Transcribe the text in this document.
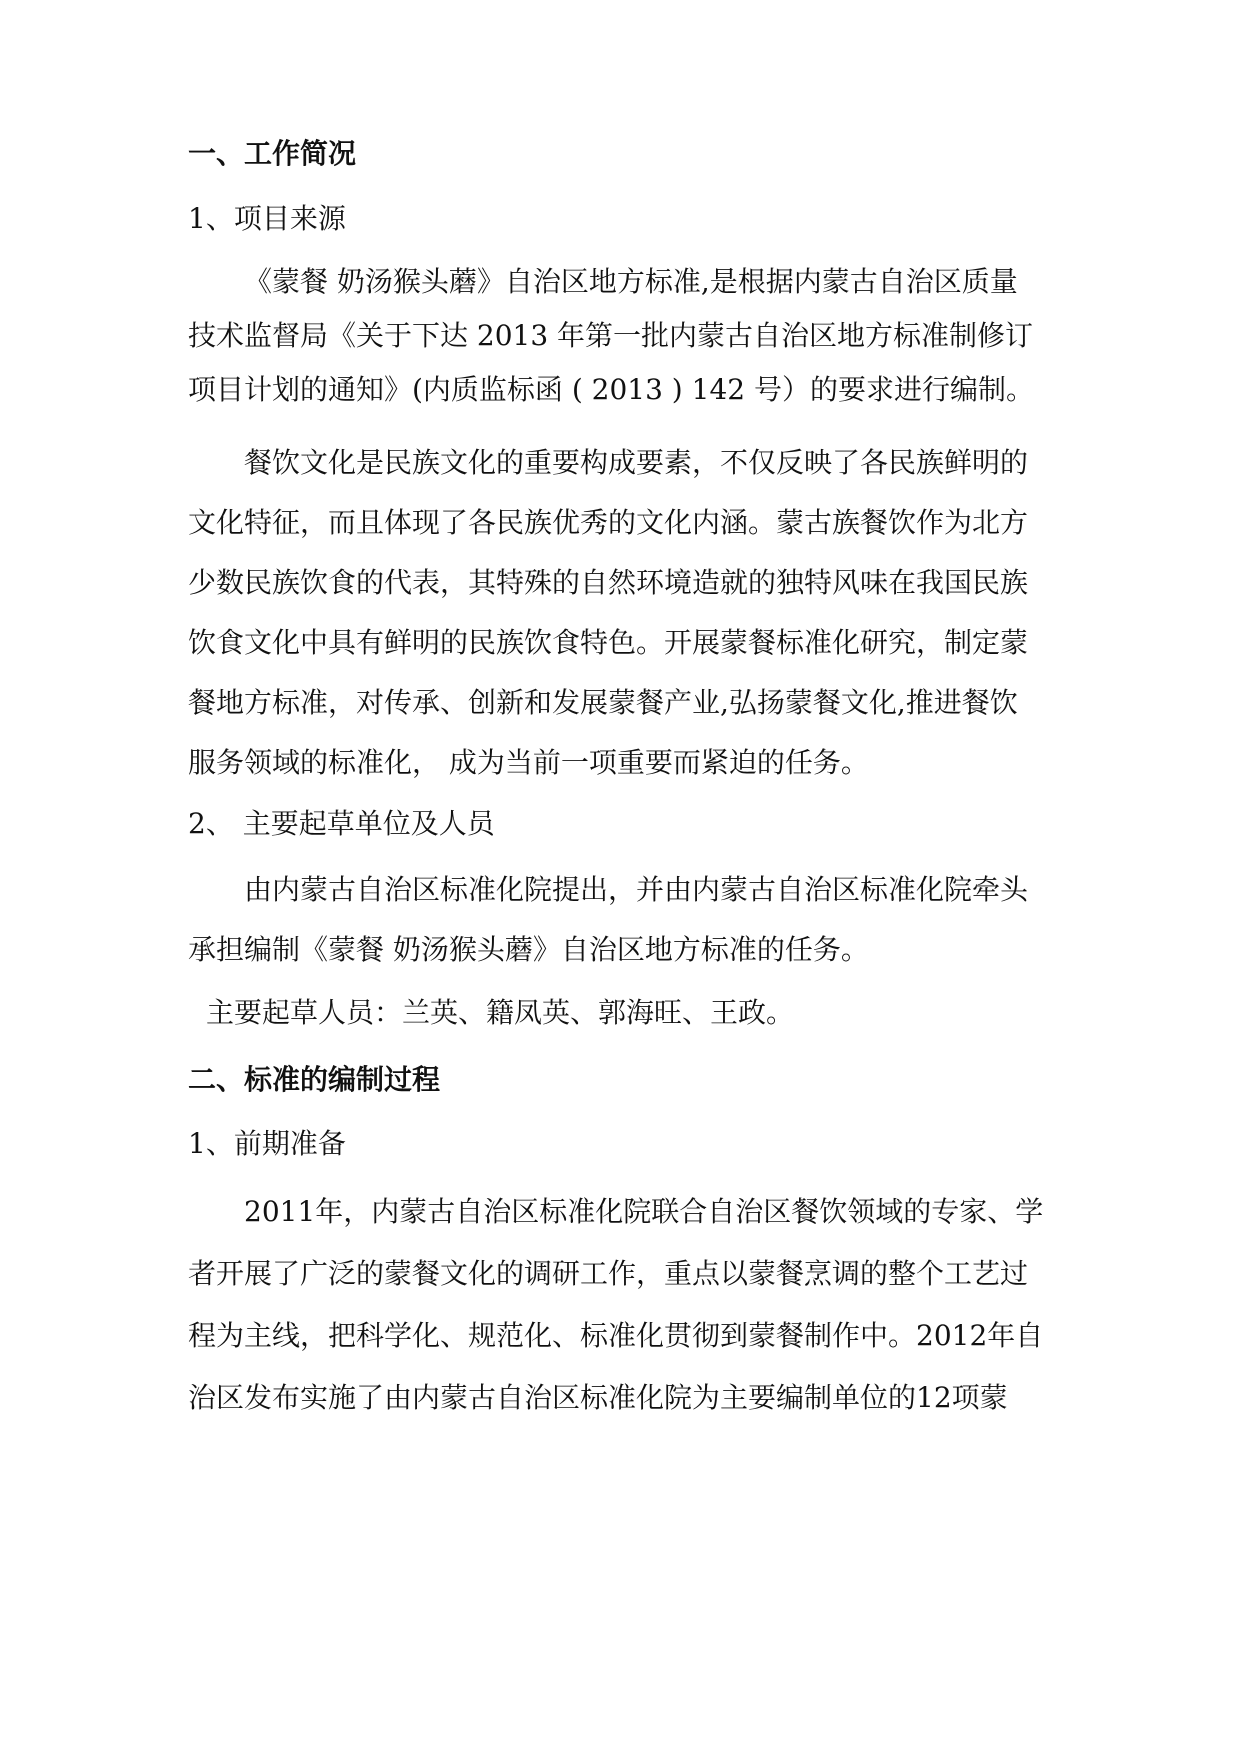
一、工作简况
1、项目来源
《蒙餐 奶汤猴头蘑》自治区地方标准,是根据内蒙古自治区质量
技术监督局《关于下达 2013 年第一批内蒙古自治区地方标准制修订
项目计划的通知》(内质监标函 ( 2013 ) 142 号）的要求进行编制。
餐饮文化是民族文化的重要构成要素，不仅反映了各民族鲜明的
文化特征，而且体现了各民族优秀的文化内涵。蒙古族餐饮作为北方
少数民族饮食的代表，其特殊的自然环境造就的独特风味在我国民族
饮食文化中具有鲜明的民族饮食特色。开展蒙餐标准化研究，制定蒙
餐地方标准，对传承、创新和发展蒙餐产业,弘扬蒙餐文化,推进餐饮
服务领域的标准化， 成为当前一项重要而紧迫的任务。
2、 主要起草单位及人员
由内蒙古自治区标准化院提出，并由内蒙古自治区标准化院牵头
承担编制《蒙餐 奶汤猴头蘑》自治区地方标准的任务。
主要起草人员：兰英、籍凤英、郭海旺、王政。
二、标准的编制过程
1、前期准备
2011年，内蒙古自治区标准化院联合自治区餐饮领域的专家、学
者开展了广泛的蒙餐文化的调研工作，重点以蒙餐烹调的整个工艺过
程为主线，把科学化、规范化、标准化贯彻到蒙餐制作中。2012年自
治区发布实施了由内蒙古自治区标准化院为主要编制单位的12项蒙
